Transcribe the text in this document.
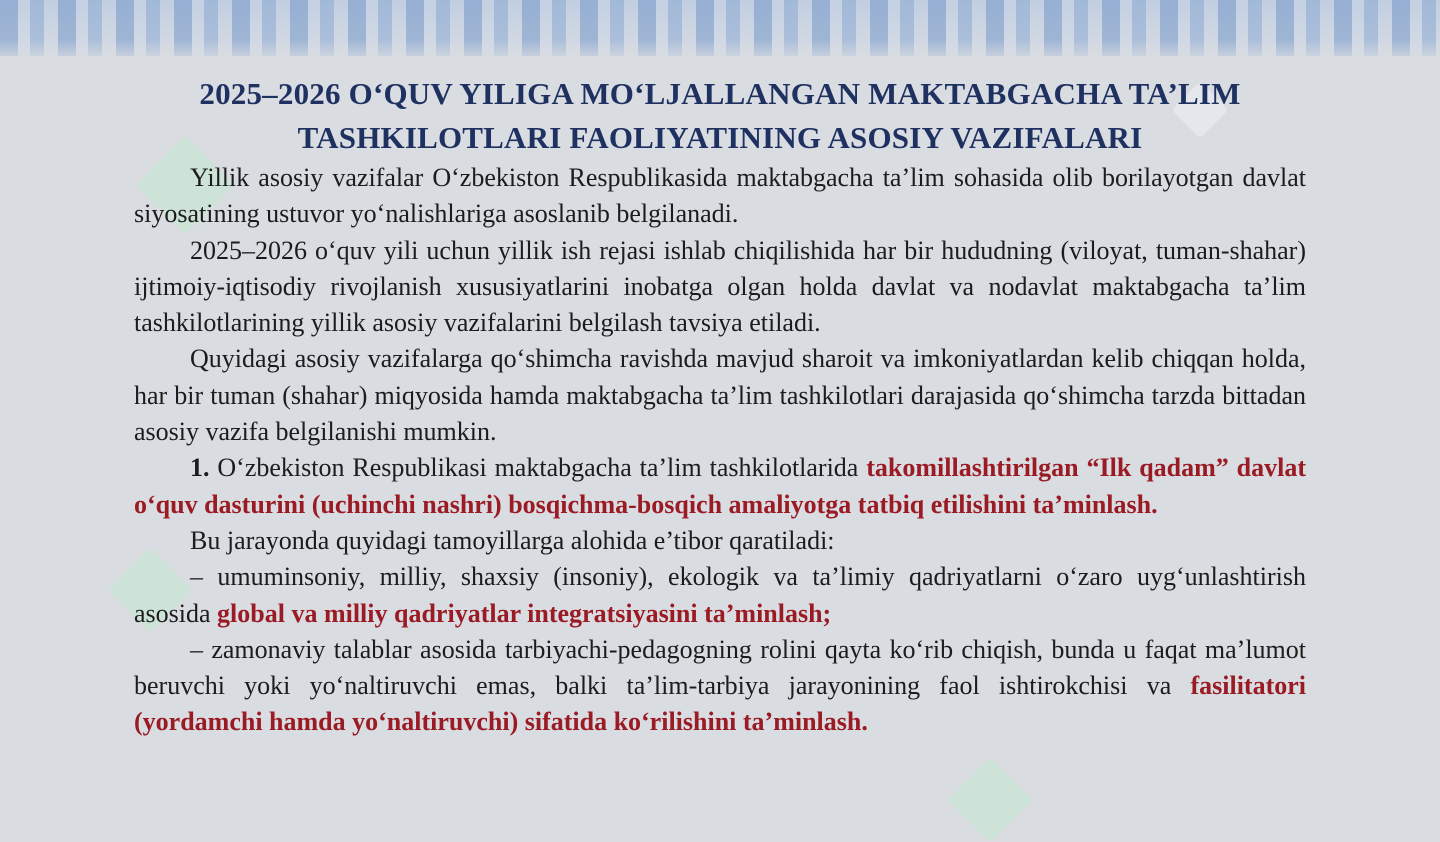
2025–2026 O‘QUV YILIGA MO‘LJALLANGAN MAKTABGACHA TA’LIM
TASHKILOTLARI FAOLIYATINING ASOSIY VAZIFALARI

Yillik asosiy vazifalar O‘zbekiston Respublikasida maktabgacha ta’lim sohasida olib borilayotgan davlat siyosatining ustuvor yo‘nalishlariga asoslanib belgilanadi.

2025–2026 o‘quv yili uchun yillik ish rejasi ishlab chiqilishida har bir hududning (viloyat, tuman-shahar) ijtimoiy-iqtisodiy rivojlanish xususiyatlarini inobatga olgan holda davlat va nodavlat maktabgacha ta’lim tashkilotlarining yillik asosiy vazifalarini belgilash tavsiya etiladi.

Quyidagi asosiy vazifalarga qo‘shimcha ravishda mavjud sharoit va imkoniyatlardan kelib chiqqan holda, har bir tuman (shahar) miqyosida hamda maktabgacha ta’lim tashkilotlari darajasida qo‘shimcha tarzda bittadan asosiy vazifa belgilanishi mumkin.

1. O‘zbekiston Respublikasi maktabgacha ta’lim tashkilotlarida takomillashtirilgan “Ilk qadam” davlat o‘quv dasturini (uchinchi nashri) bosqichma-bosqich amaliyotga tatbiq etilishini ta’minlash.

Bu jarayonda quyidagi tamoyillarga alohida e’tibor qaratiladi:

– umuminsoniy, milliy, shaxsiy (insoniy), ekologik va ta’limiy qadriyatlarni o‘zaro uyg‘unlashtirish asosida global va milliy qadriyatlar integratsiyasini ta’minlash;

– zamonaviy talablar asosida tarbiyachi-pedagogning rolini qayta ko‘rib chiqish, bunda u faqat ma’lumot beruvchi yoki yo‘naltiruvchi emas, balki ta’lim-tarbiya jarayonining faol ishtirokchisi va fasilitatori (yordamchi hamda yo‘naltiruvchi) sifatida ko‘rilishini ta’minlash.
